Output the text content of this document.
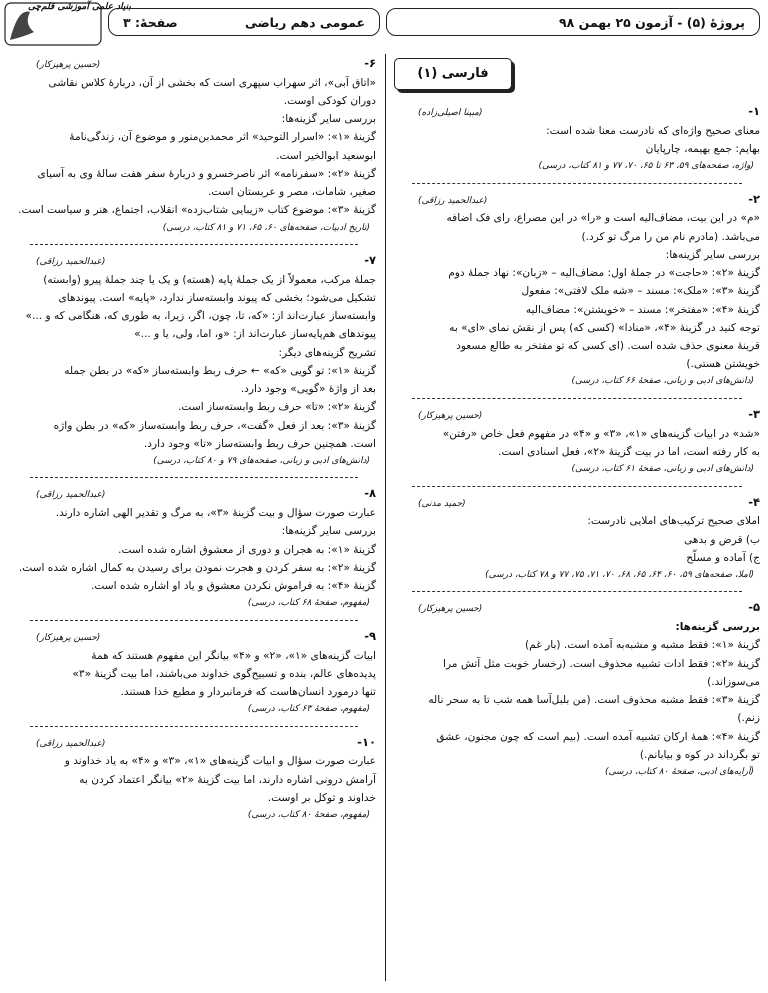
بنیاد علمی آموزشی قلم‌چی
پروژهٔ (۵) - آزمون ۲۵ بهمن ۹۸
عمومی دهم ریاضی
صفحهٔ: ۳
فارسی (۱)
۱-
(مبینا اصیلی‌زاده)
معنای صحیح واژه‌ای که نادرست معنا شده است:
بهایم: جمع بهیمه، چارپایان
(واژه، صفحه‌های ۵۹، ۶۳ تا ۶۵، ۷۰، ۷۷ و ۸۱ کتاب، درسی)
۲-
(عبدالحمید رزاقی)
«م» در این بیت، مضاف‌الیه است و «را» در این مصراع، رای فک اضافه
می‌باشد. (مادرم نام من را مرگ تو کرد.)
بررسی سایر گزینه‌ها:
گزینهٔ «۲»: «حاجت» در جملهٔ اول: مضاف‌الیه – «زبان»: نهاد جملهٔ دوم
گزینهٔ «۳»: «ملک»: مسند – «شه ملک لافتی»: مفعول
گزینهٔ «۴»: «مفتخر»: مسند – «خویشتن»: مضاف‌الیه
توجه کنید در گزینهٔ «۴»، «منادا» (کسی که) پس از نقش نمای «ای» به
قرینهٔ معنوی حذف شده است. (ای کسی که تو مفتخر به طالع مسعود
خویشتن هستی.)
(دانش‌های ادبی و زبانی، صفحهٔ ۶۶ کتاب، درسی)
۳-
(حسین پرهیزکار)
«شد» در ابیات گزینه‌های «۱»، «۳» و «۴» در مفهوم فعل خاص «رفتن»
به کار رفته است، اما در بیت گزینهٔ «۲»، فعل اسنادی است.
(دانش‌های ادبی و زبانی، صفحهٔ ۶۱ کتاب، درسی)
۴-
(حمید مدنی)
املای صحیح ترکیب‌های املایی نادرست:
ب) قرض و بدهی
ج) آماده و مسلّح
(املا، صفحه‌های ۵۹، ۶۰، ۶۴، ۶۵، ۶۸، ۷۰، ۷۱، ۷۵، ۷۷ و ۷۸ کتاب، درسی)
۵-
(حسین پرهیزکار)
بررسی گزینه‌ها:
گزینهٔ «۱»: فقط مشبه و مشبه‌به آمده است. (بار غم)
گزینهٔ «۲»: فقط ادات تشبیه محذوف است. (رخسار خوبت مثل آتش مرا
می‌سوزاند.)
گزینهٔ «۳»: فقط مشبه محذوف است. (من بلبل‌آسا همه شب تا به سحر ناله
زنم.)
گزینهٔ «۴»: همهٔ ارکان تشبیه آمده است. (بیم است که چون مجنون، عشق
تو بگرداند در کوه و بیابانم.)
(آرایه‌های ادبی، صفحهٔ ۸۰ کتاب، درسی)
۶-
(حسین پرهیزکار)
«اتاق آبی»، اثر سهراب سپهری است که بخشی از آن، دربارهٔ کلاس نقاشی
دوران کودکی اوست.
بررسی سایر گزینه‌ها:
گزینهٔ «۱»: «اسرار التوحید» اثر محمدبن‌منور و موضوع آن، زندگی‌نامهٔ
ابوسعید ابوالخیر است.
گزینهٔ «۲»: «سفرنامه» اثر ناصرخسرو و دربارهٔ سفر هفت سالهٔ وی به آسیای
صغیر، شامات، مصر و عربستان است.
گزینهٔ «۳»: موضوع کتاب «زیبایی شتاب‌زده» انقلاب، اجتماع، هنر و سیاست است.
(تاریخ ادبیات، صفحه‌های ۶۰، ۶۵، ۷۱ و ۸۱ کتاب، درسی)
۷-
(عبدالحمید رزاقی)
جملهٔ مرکب، معمولاً از یک جملهٔ پایه (هسته) و یک یا چند جملهٔ پیرو (وابسته)
تشکیل می‌شود؛ بخشی که پیوند وابسته‌ساز ندارد، «پایه» است. پیوندهای
وابسته‌ساز عبارت‌اند از: «که، تا، چون، اگر، زیرا، به طوری که، هنگامی که و ...»
پیوندهای هم‌پایه‌ساز عبارت‌اند از: «و، اما، ولی، یا و ...»
تشریح گزینه‌های دیگر:
گزینهٔ «۱»: تو گویی «که» ← حرف ربط وابسته‌ساز «که» در بطن جمله
بعد از واژهٔ «گویی» وجود دارد.
گزینهٔ «۲»: «تا» حرف ربط وابسته‌ساز است.
گزینهٔ «۳»: بعد از فعل «گفت»، حرف ربط وابسته‌ساز «که» در بطن واژه
است. همچنین حرف ربط وابسته‌ساز «تا» وجود دارد.
(دانش‌های ادبی و زبانی، صفحه‌های ۷۹ و ۸۰ کتاب، درسی)
۸-
(عبدالحمید رزاقی)
عبارت صورت سؤال و بیت گزینهٔ «۳»، به مرگ و تقدیر الهی اشاره دارند.
بررسی سایر گزینه‌ها:
گزینهٔ «۱»: به هجران و دوری از معشوق اشاره شده است.
گزینهٔ «۲»: به سفر کردن و هجرت نمودن برای رسیدن به کمال اشاره شده است.
گزینهٔ «۴»: به فراموش نکردن معشوق و یاد او اشاره شده است.
(مفهوم، صفحهٔ ۶۸ کتاب، درسی)
۹-
(حسین پرهیزکار)
ابیات گزینه‌های «۱»، «۲» و «۴» بیانگر این مفهوم هستند که همهٔ
پدیده‌های عالم، بنده و تسبیح‌گوی خداوند می‌باشند، اما بیت گزینهٔ «۳»
تنها درمورد انسان‌هاست که فرمانبردار و مطیع خدا هستند.
(مفهوم، صفحهٔ ۶۳ کتاب، درسی)
۱۰-
(عبدالحمید رزاقی)
عبارت صورت سؤال و ابیات گزینه‌های «۱»، «۳» و «۴» به یاد خداوند و
آرامش درونی اشاره دارند، اما بیت گزینهٔ «۲» بیانگر اعتماد کردن به
خداوند و توکل بر اوست.
(مفهوم، صفحهٔ ۸۰ کتاب، درسی)
